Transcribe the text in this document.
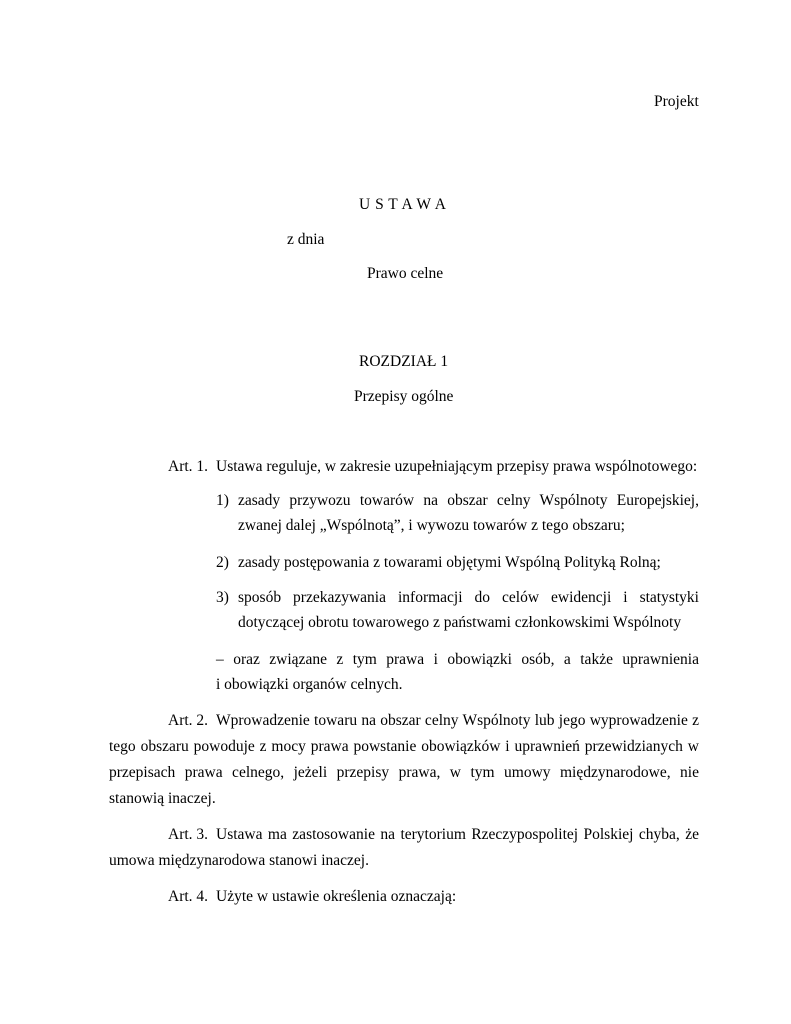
Projekt
U S T A W A
z dnia
Prawo celne
ROZDZIAŁ 1
Przepisy ogólne
Art. 1. Ustawa reguluje, w zakresie uzupełniającym przepisy prawa wspólnotowego:
1) zasady przywozu towarów na obszar celny Wspólnoty Europejskiej,
zwanej dalej „Wspólnotą”, i wywozu towarów z tego obszaru;
2) zasady postępowania z towarami objętymi Wspólną Polityką Rolną;
3) sposób przekazywania informacji do celów ewidencji i statystyki
dotyczącej obrotu towarowego z państwami członkowskimi Wspólnoty
– oraz związane z tym prawa i obowiązki osób, a także uprawnienia
i obowiązki organów celnych.
Art. 2. Wprowadzenie towaru na obszar celny Wspólnoty lub jego wyprowadzenie z
tego obszaru powoduje z mocy prawa powstanie obowiązków i uprawnień przewidzianych w
przepisach prawa celnego, jeżeli przepisy prawa, w tym umowy międzynarodowe, nie
stanowią inaczej.
Art. 3. Ustawa ma zastosowanie na terytorium Rzeczypospolitej Polskiej chyba, że
umowa międzynarodowa stanowi inaczej.
Art. 4. Użyte w ustawie określenia oznaczają:
